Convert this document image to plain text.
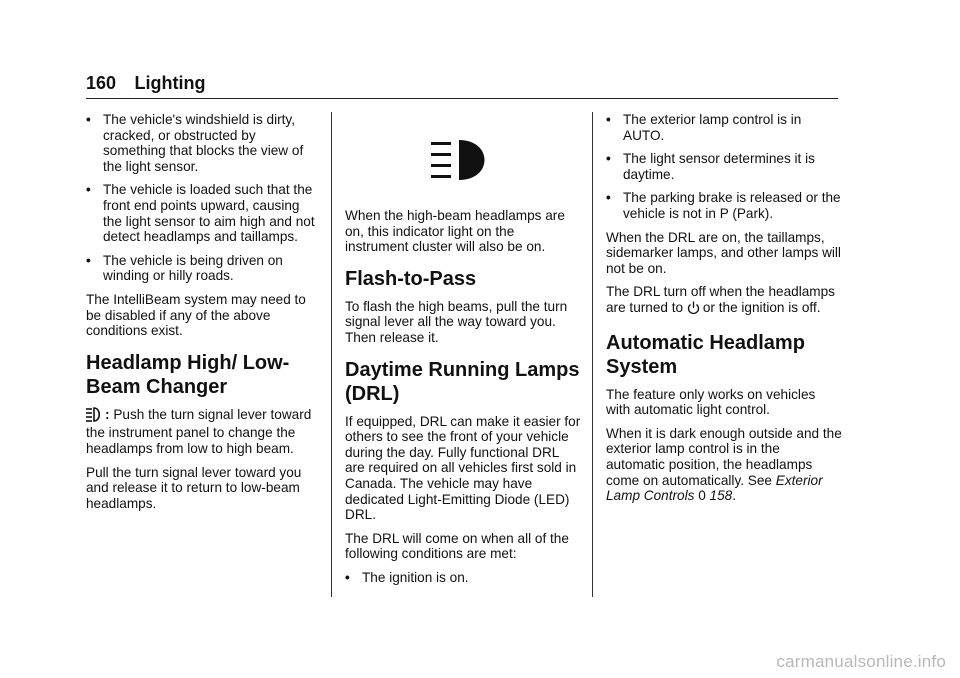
160 Lighting
• The vehicle's windshield is dirty, cracked, or obstructed by something that blocks the view of the light sensor.
• The vehicle is loaded such that the front end points upward, causing the light sensor to aim high and not detect headlamps and taillamps.
• The vehicle is being driven on winding or hilly roads.

The IntelliBeam system may need to be disabled if any of the above conditions exist.

Headlamp High/ Low-Beam Changer

: Push the turn signal lever toward the instrument panel to change the headlamps from low to high beam.

Pull the turn signal lever toward you and release it to return to low-beam headlamps.

When the high-beam headlamps are on, this indicator light on the instrument cluster will also be on.

Flash-to-Pass

To flash the high beams, pull the turn signal lever all the way toward you. Then release it.

Daytime Running Lamps (DRL)

If equipped, DRL can make it easier for others to see the front of your vehicle during the day. Fully functional DRL are required on all vehicles first sold in Canada. The vehicle may have dedicated Light-Emitting Diode (LED) DRL.

The DRL will come on when all of the following conditions are met:

• The ignition is on.
• The exterior lamp control is in AUTO.
• The light sensor determines it is daytime.
• The parking brake is released or the vehicle is not in P (Park).

When the DRL are on, the taillamps, sidemarker lamps, and other lamps will not be on.

The DRL turn off when the headlamps are turned to or the ignition is off.

Automatic Headlamp System

The feature only works on vehicles with automatic light control.

When it is dark enough outside and the exterior lamp control is in the automatic position, the headlamps come on automatically. See Exterior Lamp Controls 0 158.

carmanualsonline.info
